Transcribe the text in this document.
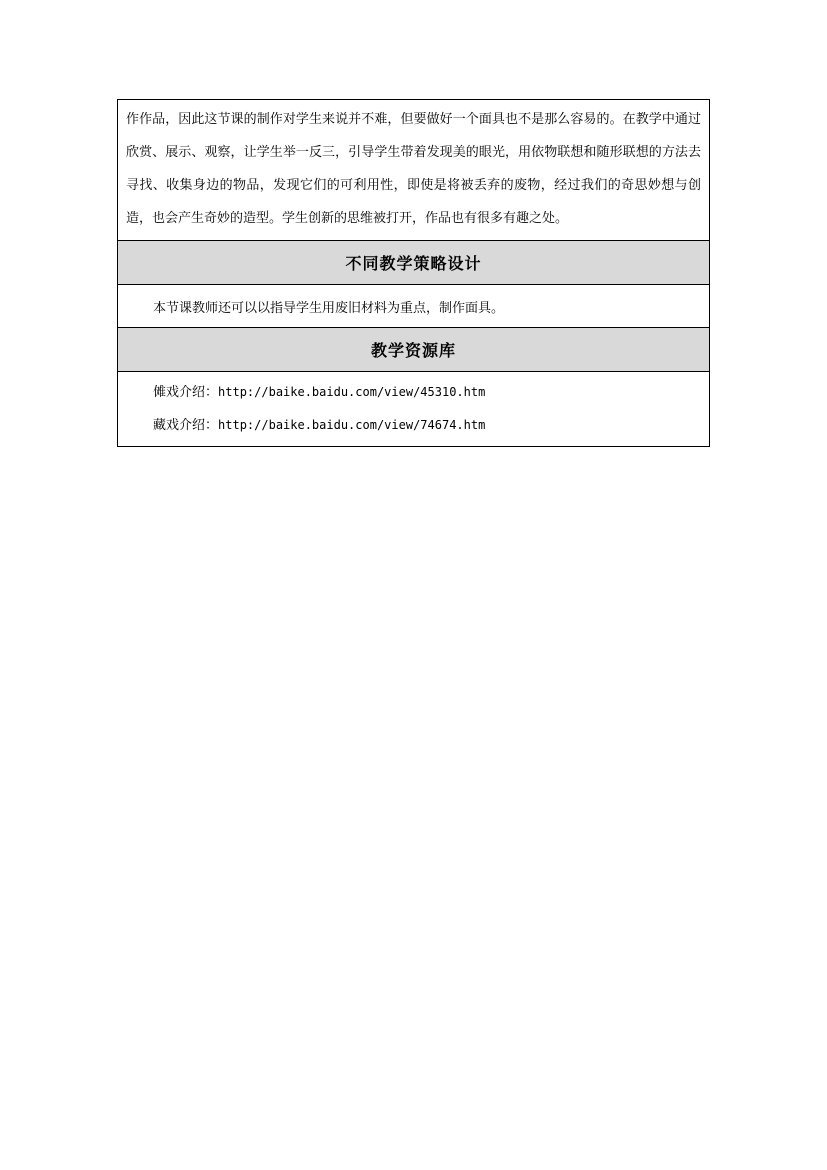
作作品，因此这节课的制作对学生来说并不难，但要做好一个面具也不是那么容易的。在教学中通过欣赏、展示、观察，让学生举一反三，引导学生带着发现美的眼光，用依物联想和随形联想的方法去寻找、收集身边的物品，发现它们的可利用性，即使是将被丢弃的废物，经过我们的奇思妙想与创造，也会产生奇妙的造型。学生创新的思维被打开，作品也有很多有趣之处。
不同教学策略设计
本节课教师还可以以指导学生用废旧材料为重点，制作面具。
教学资源库
傩戏介绍：http://baike.baidu.com/view/45310.htm
藏戏介绍：http://baike.baidu.com/view/74674.htm
